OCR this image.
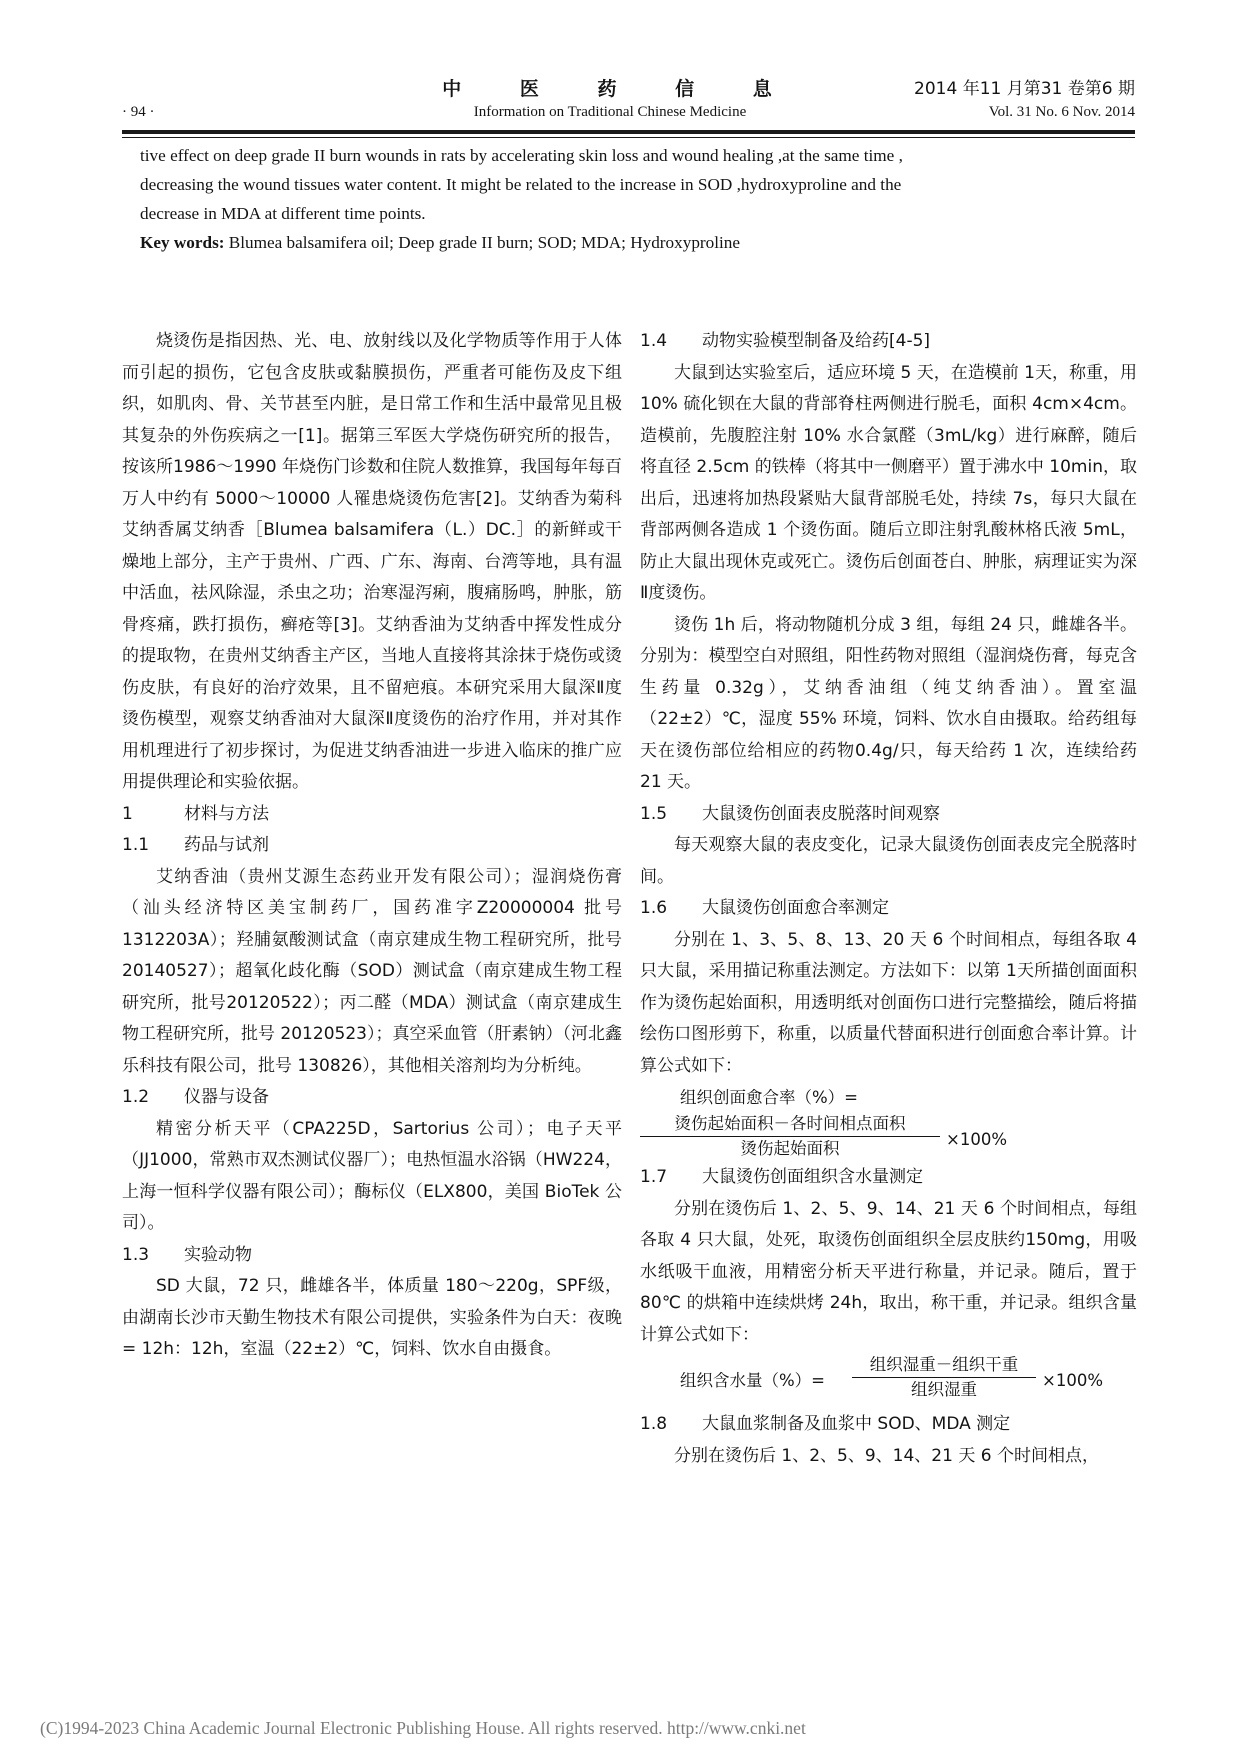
中 医 药 信 息	2014 年11 月第31 卷第6 期
· 94 ·	Information on Traditional Chinese Medicine	Vol. 31 No. 6 Nov. 2014
tive effect on deep grade II burn wounds in rats by accelerating skin loss and wound healing ,at the same time ,
decreasing the wound tissues water content. It might be related to the increase in SOD ,hydroxyproline and the
decrease in MDA at different time points.
Key words: Blumea balsamifera oil; Deep grade II burn; SOD; MDA; Hydroxyproline

烧烫伤是指因热、光、电、放射线以及化学物质等作用于人体而引起的损伤，它包含皮肤或黏膜损伤，严重者可能伤及皮下组织，如肌肉、骨、关节甚至内脏，是日常工作和生活中最常见且极其复杂的外伤疾病之一[1]。据第三军医大学烧伤研究所的报告，按该所1986～1990 年烧伤门诊数和住院人数推算，我国每年每百万人中约有 5000～10000 人罹患烧烫伤危害[2]。艾纳香为菊科艾纳香属艾纳香［Blumea balsamifera（L.）DC.］的新鲜或干燥地上部分，主产于贵州、广西、广东、海南、台湾等地，具有温中活血，祛风除湿，杀虫之功；治寒湿泻痢，腹痛肠鸣，肿胀，筋骨疼痛，跌打损伤，癣疮等[3]。艾纳香油为艾纳香中挥发性成分的提取物，在贵州艾纳香主产区，当地人直接将其涂抹于烧伤或烫伤皮肤，有良好的治疗效果，且不留疤痕。本研究采用大鼠深Ⅱ度烫伤模型，观察艾纳香油对大鼠深Ⅱ度烫伤的治疗作用，并对其作用机理进行了初步探讨，为促进艾纳香油进一步进入临床的推广应用提供理论和实验依据。

1	材料与方法
1.1 药品与试剂

艾纳香油（贵州艾源生态药业开发有限公司）；湿润烧伤膏（汕头经济特区美宝制药厂，国药准字Z20000004 批号 1312203A）；羟脯氨酸测试盒（南京建成生物工程研究所，批号 20140527）；超氧化歧化酶（SOD）测试盒（南京建成生物工程研究所，批号20120522）；丙二醛（MDA）测试盒（南京建成生物工程研究所，批号 20120523）；真空采血管（肝素钠）（河北鑫乐科技有限公司，批号 130826），其他相关溶剂均为分析纯。

1.2 仪器与设备

精密分析天平（CPA225D，Sartorius 公司）；电子天平（JJ1000，常熟市双杰测试仪器厂）；电热恒温水浴锅（HW224，上海一恒科学仪器有限公司）；酶标仪（ELX800，美国 BioTek 公司）。

1.3 实验动物

SD 大鼠，72 只，雌雄各半，体质量 180～220g，SPF级，由湖南长沙市天勤生物技术有限公司提供，实验条件为白天：夜晚 = 12h：12h，室温（22±2）℃，饲料、饮水自由摄食。

1.4 动物实验模型制备及给药[4-5]

大鼠到达实验室后，适应环境 5 天，在造模前 1天，称重，用 10% 硫化钡在大鼠的背部脊柱两侧进行脱毛，面积 4cm×4cm。造模前，先腹腔注射 10% 水合氯醛（3mL/kg）进行麻醉，随后将直径 2.5cm 的铁棒（将其中一侧磨平）置于沸水中 10min，取出后，迅速将加热段紧贴大鼠背部脱毛处，持续 7s，每只大鼠在背部两侧各造成 1 个烫伤面。随后立即注射乳酸林格氏液 5mL，防止大鼠出现休克或死亡。烫伤后创面苍白、肿胀，病理证实为深Ⅱ度烫伤。

烫伤 1h 后，将动物随机分成 3 组，每组 24 只，雌雄各半。分别为：模型空白对照组，阳性药物对照组（湿润烧伤膏，每克含生药量 0.32g），艾纳香油组（纯艾纳香油）。置室温（22±2）℃，湿度 55% 环境，饲料、饮水自由摄取。给药组每天在烫伤部位给相应的药物0.4g/只，每天给药 1 次，连续给药 21 天。

1.5 大鼠烫伤创面表皮脱落时间观察

每天观察大鼠的表皮变化，记录大鼠烫伤创面表皮完全脱落时间。

1.6 大鼠烫伤创面愈合率测定

分别在 1、3、5、8、13、20 天 6 个时间相点，每组各取 4 只大鼠，采用描记称重法测定。方法如下：以第 1天所描创面面积作为烫伤起始面积，用透明纸对创面伤口进行完整描绘，随后将描绘伤口图形剪下，称重，以质量代替面积进行创面愈合率计算。计算公式如下：

组织创面愈合率（%）=
烫伤起始面积－各时间相点面积
烫伤起始面积	×100%
1.7 大鼠烫伤创面组织含水量测定

分别在烫伤后 1、2、5、9、14、21 天 6 个时间相点，每组各取 4 只大鼠，处死，取烫伤创面组织全层皮肤约150mg，用吸水纸吸干血液，用精密分析天平进行称量，并记录。随后，置于 80℃ 的烘箱中连续烘烤 24h，取出，称干重，并记录。组织含量计算公式如下：

组织含水量（%）=
组织湿重－组织干重
组织湿重	×100%
1.8 大鼠血浆制备及血浆中 SOD、MDA 测定

分别在烫伤后 1、2、5、9、14、21 天 6 个时间相点，

(C)1994-2023 China Academic Journal Electronic Publishing House. All rights reserved. http://www.cnki.net
